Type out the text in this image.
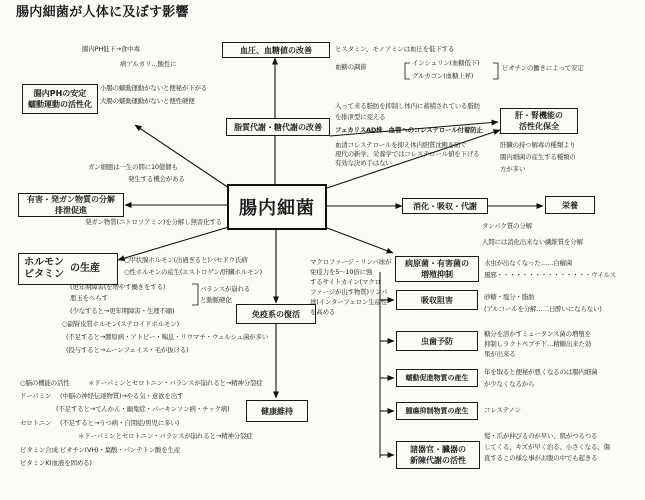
腸内細菌が人体に及ぼす影響
腸内PH低下→食中毒
病アルカリ…酸性に
小腸の蠕動運動がないと便秘が下がる
大腸の蠕動運動がないと便性硬便
ガン細胞は一生の間に10億個も
発生する機会がある
発ガン物質(ニトロソアミン)を分解し無害化する
腸内PHの安定
蠕動運動の活性化
血圧、血糖値の改善
脂質代謝・糖代謝の改善
肝・腎機能の
活性化保全
有害・発ガン物質の分解
排泄促進	腸内細菌	消化・吸収・代謝	栄養
ホルモン
ビタミン
の生産	病原菌・有害菌の
増殖抑制
吸収阻害
虫歯予防
免疫系の復活
蠕動促進物質の産生
腫瘍抑制物質の産生
諸器官・臓器の
新陳代謝の活性
健康維持
ヒスタミン、モノアミンは血圧を低下する
血糖の調節	インシュリン(血糖低下)
グルカゴン(血糖上昇)
ビオチンの働きによって安定
入って来る脂肪を抑制し体内に蓄積されている脂肪
を排泄型に変える
フェカリスAD株…血管へのコレステロール付着防止
血清コレステロールを抑え体内胆質沈殿を防ぐ
現代の新学、栄養学ではコレステロール値を下げる
有効な決め手はない
肝臓の持つ解毒の種類より
腸内細菌の産生する種類の
方が多い
タンパク質の分解
人間には消化出来ない繊維質を分解
水虫が出なくなった……白癬菌
風邪・・・・・・・・・・・・・・・ウイルス
砂糖・塩分・脂肪
(アルコールを分解…二日酔いにならない)
糖分を溶かすミュータンス菌の増殖を
抑制しラクトペプチド…精糖出来た効
果が出来る
年を取ると便秘が悪くなるのは腸内細菌
が少なくなるから
コレステノン
髪・爪が伸びるのが早い、肌がつるつる
してくる、キズが早く治る、小さくなる、傷
直するこの様な事がお腹の中でも起きる
マクロファージ・リンパ球が
免疫力を5～10倍に強
するサイトカイン(マクロ
ファージが出す物質)リンパ
球(インターフェロン生産性
を高める
○甲状腺ホルモン(出過ぎると)バセドウ氏病
○性ホルモンの産生(エストロゲン/肝臓ホルモン)
(更年期障害(を増やす働きをする)
悪玉をへらす
(少なすると→更年期障害・生理不順)
バランスが崩れる
と動脈硬化
○副腎皮質ホルモン(ステロイドホルモン)
(不足すると→膠原病・アトピー・喘息・リウマチ・ウェルシュ菌が多い
(投与すると→ムーンフェイス・毛が抜ける)
○脳の機能の活性	＊ドーパミンとセロトニン・バランスが崩れると→精神分裂症
ドーパミン (中脳の神経伝達物質)→やる気・意欲を出す
(不足すると→てんかん・幽鬼症・パーキンソン病・チック病)
セロトニン (不足すると→うつ病・自閉症/男児に多い)
＊ドーパミンとセロトニン・バランスが崩れると→精神分裂症
ビタミン合成:ビオチン(VH)・葉酸・パンテトン酸を生産
ビタミンK(血液を固める)
